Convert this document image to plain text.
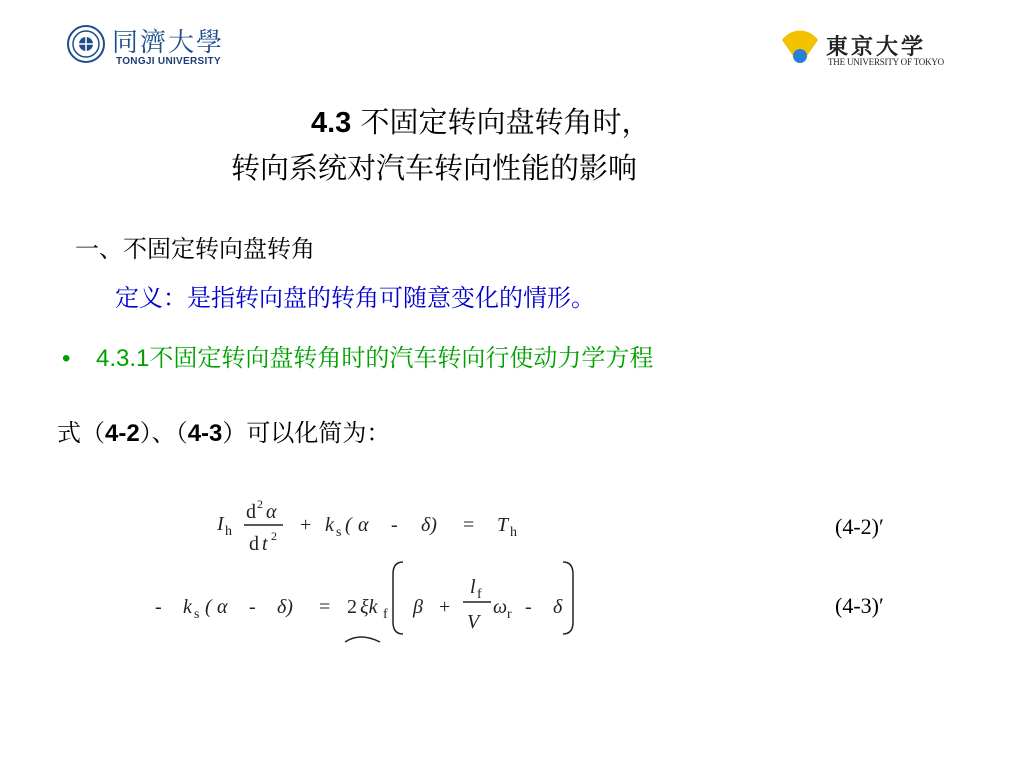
同濟大學
TONGJI UNIVERSITY
東京大学
THE UNIVERSITY OF TOKYO
4.3 不固定转向盘转角时，
转向系统对汽车转向性能的影响
一、不固定转向盘转角
定义：是指转向盘的转角可随意变化的情形。
• 4.3.1不固定转向盘转角时的汽车转向行使动力学方程
式（4-2）、（4-3）可以化简为：
I h
d 2 α
d t 2 + k s ( α - δ) = T h	(4-2)′
- k s ( α - δ) = 2 ξk f β +
l f
V
ω r - δ	(4-3)′
